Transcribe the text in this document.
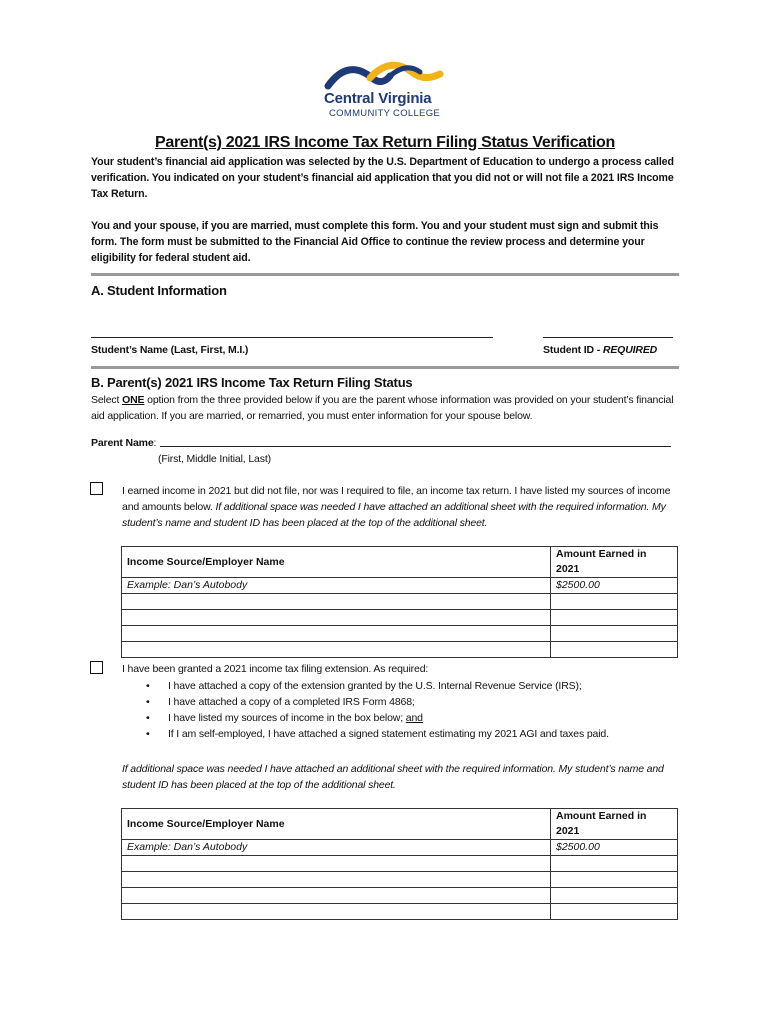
Central Virginia
COMMUNITY COLLEGE
Parent(s) 2021 IRS Income Tax Return Filing Status Verification
Your student’s financial aid application was selected by the U.S. Department of Education to undergo a process called verification. You indicated on your student’s financial aid application that you did not or will not file a 2021 IRS Income Tax Return.
You and your spouse, if you are married, must complete this form. You and your student must sign and submit this form. The form must be submitted to the Financial Aid Office to continue the review process and determine your eligibility for federal student aid.
A. Student Information
Student’s Name (Last, First, M.I.)	Student ID - REQUIRED
B. Parent(s) 2021 IRS Income Tax Return Filing Status
Select ONE option from the three provided below if you are the parent whose information was provided on your student’s financial aid application. If you are married, or remarried, you must enter information for your spouse below.
Parent Name:
(First, Middle Initial, Last)
I earned income in 2021 but did not file, nor was I required to file, an income tax return. I have listed my sources of income and amounts below. If additional space was needed I have attached an additional sheet with the required information. My student’s name and student ID has been placed at the top of the additional sheet.
Income Source/Employer Name	Amount Earned in 2021
Example: Dan’s Autobody	$2500.00

I have been granted a 2021 income tax filing extension. As required:
• I have attached a copy of the extension granted by the U.S. Internal Revenue Service (IRS);
• I have attached a copy of a completed IRS Form 4868;
• I have listed my sources of income in the box below; and
• If I am self-employed, I have attached a signed statement estimating my 2021 AGI and taxes paid.
If additional space was needed I have attached an additional sheet with the required information. My student’s name and student ID has been placed at the top of the additional sheet.
Income Source/Employer Name	Amount Earned in 2021
Example: Dan’s Autobody	$2500.00
